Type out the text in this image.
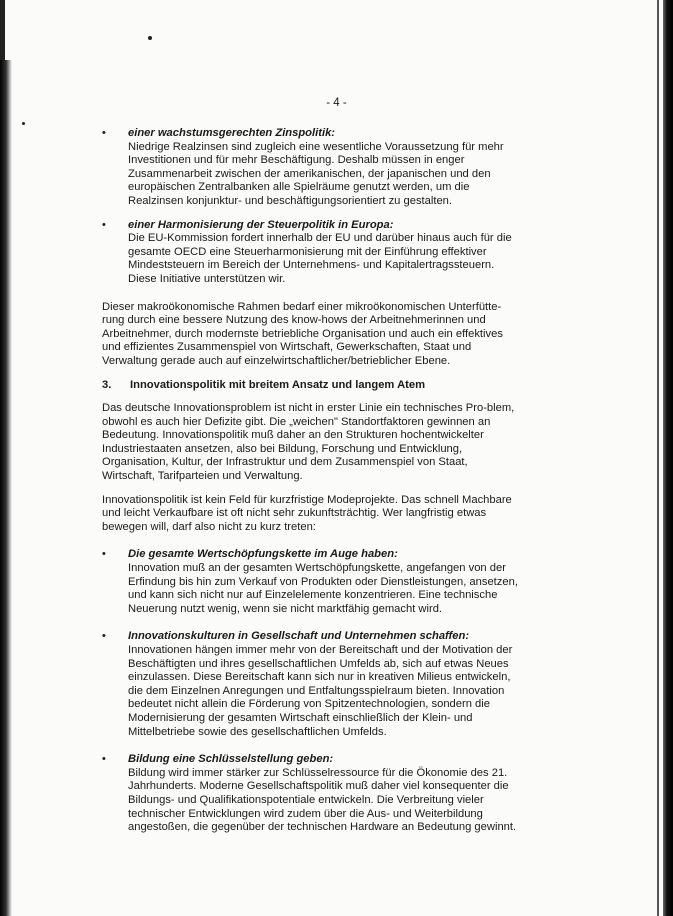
- 4 -
• einer wachstumsgerechten Zinspolitik:
Niedrige Realzinsen sind zugleich eine wesentliche Voraussetzung für mehr Investitionen und für mehr Beschäftigung. Deshalb müssen in enger Zusammenarbeit zwischen der amerikanischen, der japanischen und den europäischen Zentralbanken alle Spielräume genutzt werden, um die Realzinsen konjunktur- und beschäftigungsorientiert zu gestalten.
• einer Harmonisierung der Steuerpolitik in Europa:
Die EU-Kommission fordert innerhalb der EU und darüber hinaus auch für die gesamte OECD eine Steuerharmonisierung mit der Einführung effektiver Mindeststeuern im Bereich der Unternehmens- und Kapitalertragssteuern. Diese Initiative unterstützen wir.

Dieser makroökonomische Rahmen bedarf einer mikroökonomischen Unterfütte-rung durch eine bessere Nutzung des know-hows der Arbeitnehmerinnen und Arbeitnehmer, durch modernste betriebliche Organisation und auch ein effektives und effizientes Zusammenspiel von Wirtschaft, Gewerkschaften, Staat und Verwaltung gerade auch auf einzelwirtschaftlicher/betrieblicher Ebene.

3.	Innovationspolitik mit breitem Ansatz und langem Atem

Das deutsche Innovationsproblem ist nicht in erster Linie ein technisches Pro-blem, obwohl es auch hier Defizite gibt. Die „weichen" Standortfaktoren gewinnen an Bedeutung. Innovationspolitik muß daher an den Strukturen hochentwickelter Industriestaaten ansetzen, also bei Bildung, Forschung und Entwicklung, Organisation, Kultur, der Infrastruktur und dem Zusammenspiel von Staat, Wirtschaft, Tarifparteien und Verwaltung.

Innovationspolitik ist kein Feld für kurzfristige Modeprojekte. Das schnell Machbare und leicht Verkaufbare ist oft nicht sehr zukunftsträchtig. Wer langfristig etwas bewegen will, darf also nicht zu kurz treten:

• Die gesamte Wertschöpfungskette im Auge haben:
Innovation muß an der gesamten Wertschöpfungskette, angefangen von der Erfindung bis hin zum Verkauf von Produkten oder Dienstleistungen, ansetzen, und kann sich nicht nur auf Einzelelemente konzentrieren. Eine technische Neuerung nutzt wenig, wenn sie nicht marktfähig gemacht wird.
• Innovationskulturen in Gesellschaft und Unternehmen schaffen:
Innovationen hängen immer mehr von der Bereitschaft und der Motivation der Beschäftigten und ihres gesellschaftlichen Umfelds ab, sich auf etwas Neues einzulassen. Diese Bereitschaft kann sich nur in kreativen Milieus entwickeln, die dem Einzelnen Anregungen und Entfaltungsspielraum bieten. Innovation bedeutet nicht allein die Förderung von Spitzentechnologien, sondern die Modernisierung der gesamten Wirtschaft einschließlich der Klein- und Mittelbetriebe sowie des gesellschaftlichen Umfelds.
• Bildung eine Schlüsselstellung geben:
Bildung wird immer stärker zur Schlüsselressource für die Ökonomie des 21. Jahrhunderts. Moderne Gesellschaftspolitik muß daher viel konsequenter die Bildungs- und Qualifikationspotentiale entwickeln. Die Verbreitung vieler technischer Entwicklungen wird zudem über die Aus- und Weiterbildung angestoßen, die gegenüber der technischen Hardware an Bedeutung gewinnt.
